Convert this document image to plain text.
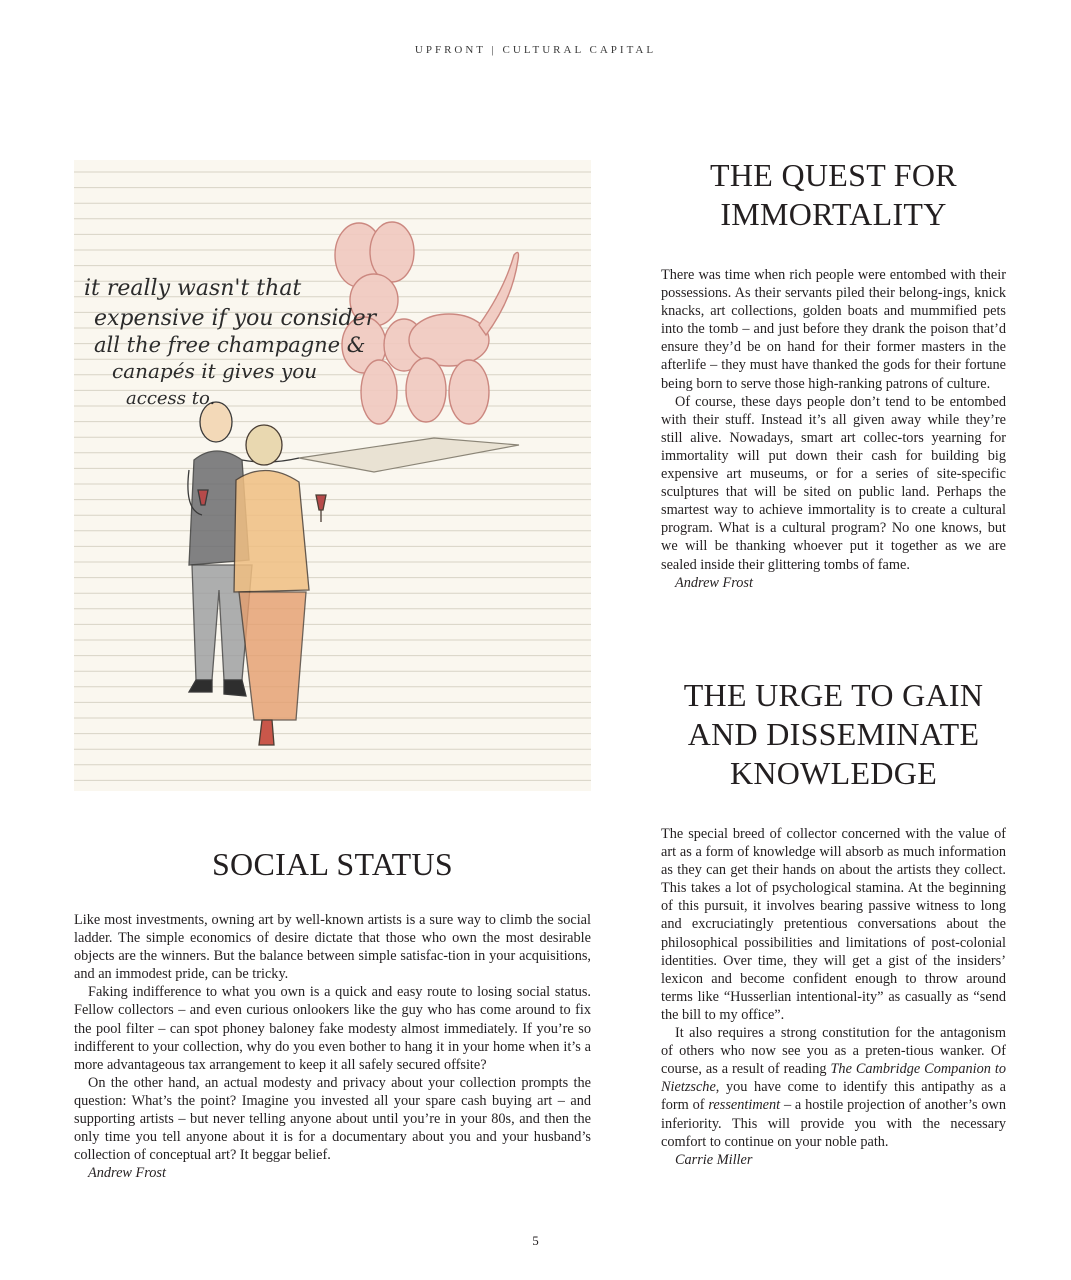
UPFRONT | CULTURAL CAPITAL

it really wasn't that
expensive if you consider
all the free champagne &
canapés it gives you
access to.
THE QUEST FOR IMMORTALITY

There was time when rich people were entombed with their possessions. As their servants piled their belong-ings, knick knacks, art collections, golden boats and mummified pets into the tomb – and just before they drank the poison that’d ensure they’d be on hand for their former masters in the afterlife – they must have thanked the gods for their fortune being born to serve those high-ranking patrons of culture.

Of course, these days people don’t tend to be entombed with their stuff. Instead it’s all given away while they’re still alive. Nowadays, smart art collec-tors yearning for immortality will put down their cash for building big expensive art museums, or for a series of site-specific sculptures that will be sited on public land. Perhaps the smartest way to achieve immortality is to create a cultural program. What is a cultural program? No one knows, but we will be thanking whoever put it together as we are sealed inside their glittering tombs of fame.

Andrew Frost

THE URGE TO GAIN AND DISSEMINATE KNOWLEDGE

The special breed of collector concerned with the value of art as a form of knowledge will absorb as much information as they can get their hands on about the artists they collect. This takes a lot of psychological stamina. At the beginning of this pursuit, it involves bearing passive witness to long and excruciatingly pretentious conversations about the philosophical possibilities and limitations of post-colonial identities. Over time, they will get a gist of the insiders’ lexicon and become confident enough to throw around terms like “Husserlian intentional-ity” as casually as “send the bill to my office”.

It also requires a strong constitution for the antagonism of others who now see you as a preten-tious wanker. Of course, as a result of reading The Cambridge Companion to Nietzsche, you have come to identify this antipathy as a form of ressentiment – a hostile projection of another’s own inferiority. This will provide you with the necessary comfort to continue on your noble path.

Carrie Miller

SOCIAL STATUS

Like most investments, owning art by well-known artists is a sure way to climb the social ladder. The simple economics of desire dictate that those who own the most desirable objects are the winners. But the balance between simple satisfac-tion in your acquisitions, and an immodest pride, can be tricky.

Faking indifference to what you own is a quick and easy route to losing social status. Fellow collectors – and even curious onlookers like the guy who has come around to fix the pool filter – can spot phoney baloney fake modesty almost immediately. If you’re so indifferent to your collection, why do you even bother to hang it in your home when it’s a more advantageous tax arrangement to keep it all safely secured offsite?

On the other hand, an actual modesty and privacy about your collection prompts the question: What’s the point? Imagine you invested all your spare cash buying art – and supporting artists – but never telling anyone about until you’re in your 80s, and then the only time you tell anyone about it is for a documentary about you and your husband’s collection of conceptual art? It beggar belief.

Andrew Frost

5
